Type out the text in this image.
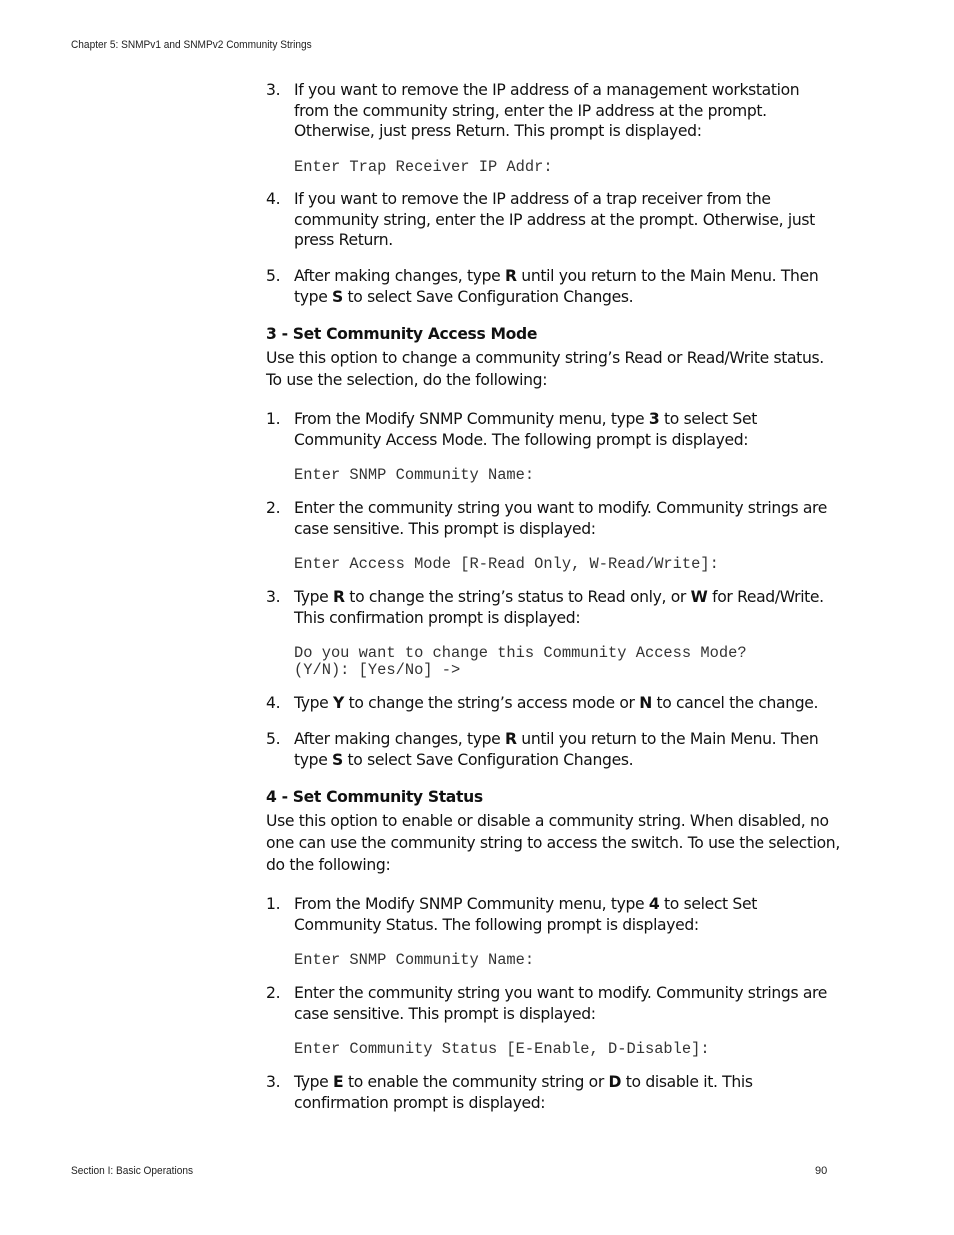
Chapter 5: SNMPv1 and SNMPv2 Community Strings
3. If you want to remove the IP address of a management workstation from the community string, enter the IP address at the prompt. Otherwise, just press Return. This prompt is displayed:
Enter Trap Receiver IP Addr:
4. If you want to remove the IP address of a trap receiver from the community string, enter the IP address at the prompt. Otherwise, just press Return.
5. After making changes, type R until you return to the Main Menu. Then type S to select Save Configuration Changes.
3 - Set Community Access Mode
Use this option to change a community string’s Read or Read/Write status. To use the selection, do the following:
1. From the Modify SNMP Community menu, type 3 to select Set Community Access Mode. The following prompt is displayed:
Enter SNMP Community Name:
2. Enter the community string you want to modify. Community strings are case sensitive. This prompt is displayed:
Enter Access Mode [R-Read Only, W-Read/Write]:
3. Type R to change the string’s status to Read only, or W for Read/Write. This confirmation prompt is displayed:
Do you want to change this Community Access Mode?
(Y/N): [Yes/No] ->
4. Type Y to change the string’s access mode or N to cancel the change.
5. After making changes, type R until you return to the Main Menu. Then type S to select Save Configuration Changes.
4 - Set Community Status
Use this option to enable or disable a community string. When disabled, no one can use the community string to access the switch. To use the selection, do the following:
1. From the Modify SNMP Community menu, type 4 to select Set Community Status. The following prompt is displayed:
Enter SNMP Community Name:
2. Enter the community string you want to modify. Community strings are case sensitive. This prompt is displayed:
Enter Community Status [E-Enable, D-Disable]:
3. Type E to enable the community string or D to disable it. This confirmation prompt is displayed:
Section I: Basic Operations	90
